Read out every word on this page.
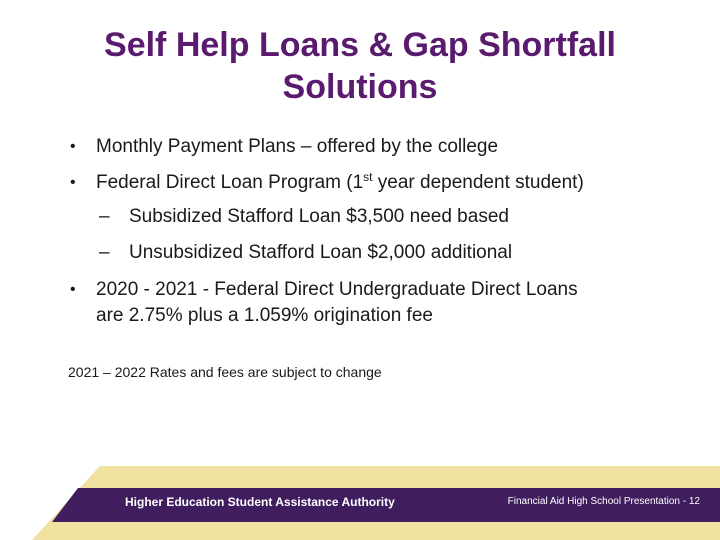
Self Help Loans & Gap Shortfall
Solutions
• Monthly Payment Plans – offered by the college
• Federal Direct Loan Program (1st year dependent student)
– Subsidized Stafford Loan $3,500 need based
– Unsubsidized Stafford Loan $2,000 additional
• 2020 - 2021 - Federal Direct Undergraduate Direct Loans
are 2.75% plus a 1.059% origination fee
2021 – 2022 Rates and fees are subject to change
Higher Education Student Assistance Authority	Financial Aid High School Presentation - 12
